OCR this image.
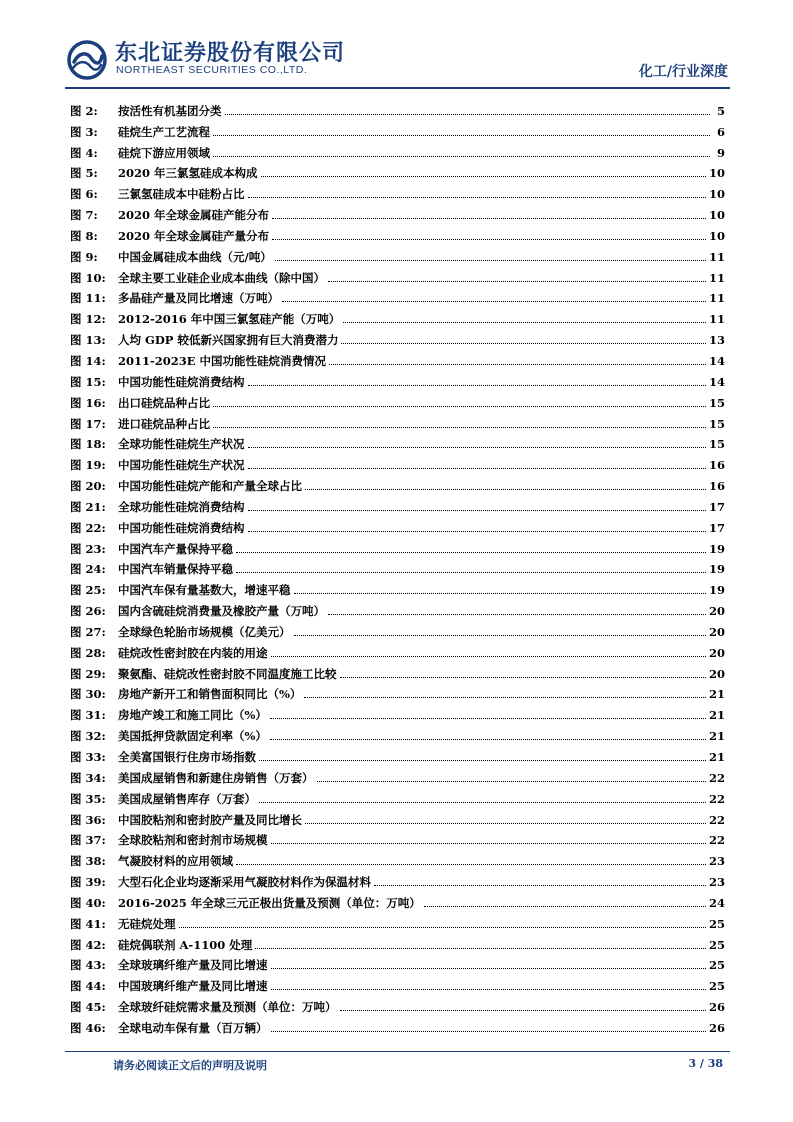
东北证券股份有限公司
NORTHEAST SECURITIES CO.,LTD.	化工/行业深度
图 2:	按活性有机基团分类	5
图 3:	硅烷生产工艺流程	6
图 4:	硅烷下游应用领域	9
图 5:	2020 年三氯氢硅成本构成	10
图 6:	三氯氢硅成本中硅粉占比	10
图 7:	2020 年全球金属硅产能分布	10
图 8:	2020 年全球金属硅产量分布	10
图 9:	中国金属硅成本曲线（元/吨）	11
图 10:	全球主要工业硅企业成本曲线（除中国）	11
图 11:	多晶硅产量及同比增速（万吨）	11
图 12:	2012-2016 年中国三氯氢硅产能（万吨）	11
图 13:	人均 GDP 较低新兴国家拥有巨大消费潜力	13
图 14:	2011-2023E 中国功能性硅烷消费情况	14
图 15:	中国功能性硅烷消费结构	14
图 16:	出口硅烷品种占比	15
图 17:	进口硅烷品种占比	15
图 18:	全球功能性硅烷生产状况	15
图 19:	中国功能性硅烷生产状况	16
图 20:	中国功能性硅烷产能和产量全球占比	16
图 21:	全球功能性硅烷消费结构	17
图 22:	中国功能性硅烷消费结构	17
图 23:	中国汽车产量保持平稳	19
图 24:	中国汽车销量保持平稳	19
图 25:	中国汽车保有量基数大，增速平稳	19
图 26:	国内含硫硅烷消费量及橡胶产量（万吨）	20
图 27:	全球绿色轮胎市场规模（亿美元）	20
图 28:	硅烷改性密封胶在内装的用途	20
图 29:	聚氨酯、硅烷改性密封胶不同温度施工比较	20
图 30:	房地产新开工和销售面积同比（%）	21
图 31:	房地产竣工和施工同比（%）	21
图 32:	美国抵押贷款固定利率（%）	21
图 33:	全美富国银行住房市场指数	21
图 34:	美国成屋销售和新建住房销售（万套）	22
图 35:	美国成屋销售库存（万套）	22
图 36:	中国胶粘剂和密封胶产量及同比增长	22
图 37:	全球胶粘剂和密封剂市场规模	22
图 38:	气凝胶材料的应用领域	23
图 39:	大型石化企业均逐渐采用气凝胶材料作为保温材料	23
图 40:	2016-2025 年全球三元正极出货量及预测（单位：万吨）	24
图 41:	无硅烷处理	25
图 42:	硅烷偶联剂 A-1100 处理	25
图 43:	全球玻璃纤维产量及同比增速	25
图 44:	中国玻璃纤维产量及同比增速	25
图 45:	全球玻纤硅烷需求量及预测（单位：万吨）	26
图 46:	全球电动车保有量（百万辆）	26
请务必阅读正文后的声明及说明	3 / 38
